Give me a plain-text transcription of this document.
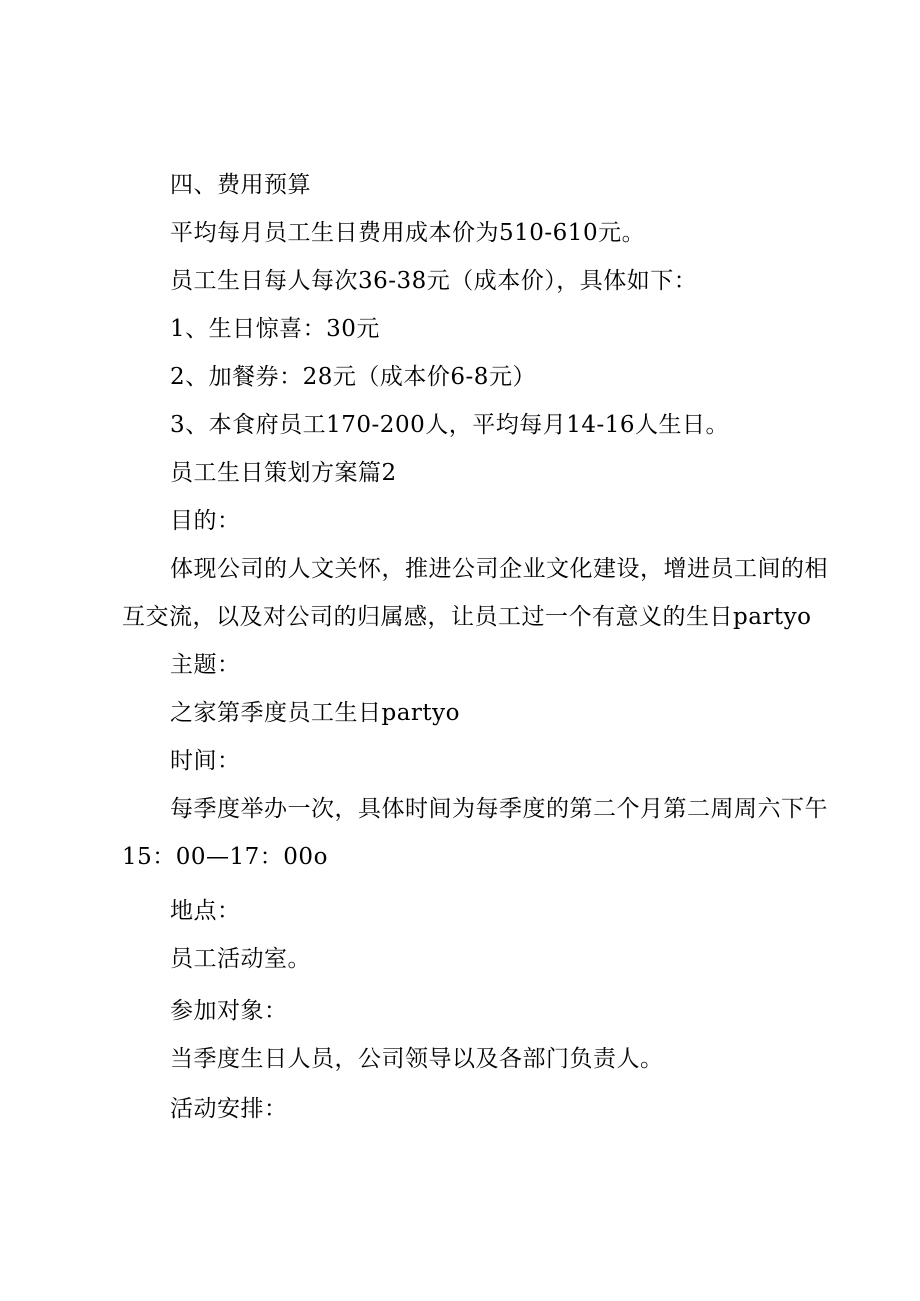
四、费用预算
平均每月员工生日费用成本价为510-610元。
员工生日每人每次36-38元（成本价），具体如下：
1、生日惊喜：30元
2、加餐券：28元（成本价6-8元）
3、本食府员工170-200人，平均每月14-16人生日。
员工生日策划方案篇2
目的：
体现公司的人文关怀，推进公司企业文化建设，增进员工间的相
互交流，以及对公司的归属感，让员工过一个有意义的生日partyo
主题：
之家第季度员工生日partyo
时间：
每季度举办一次，具体时间为每季度的第二个月第二周周六下午
15：00—17：00o
地点：
员工活动室。
参加对象：
当季度生日人员，公司领导以及各部门负责人。
活动安排：
